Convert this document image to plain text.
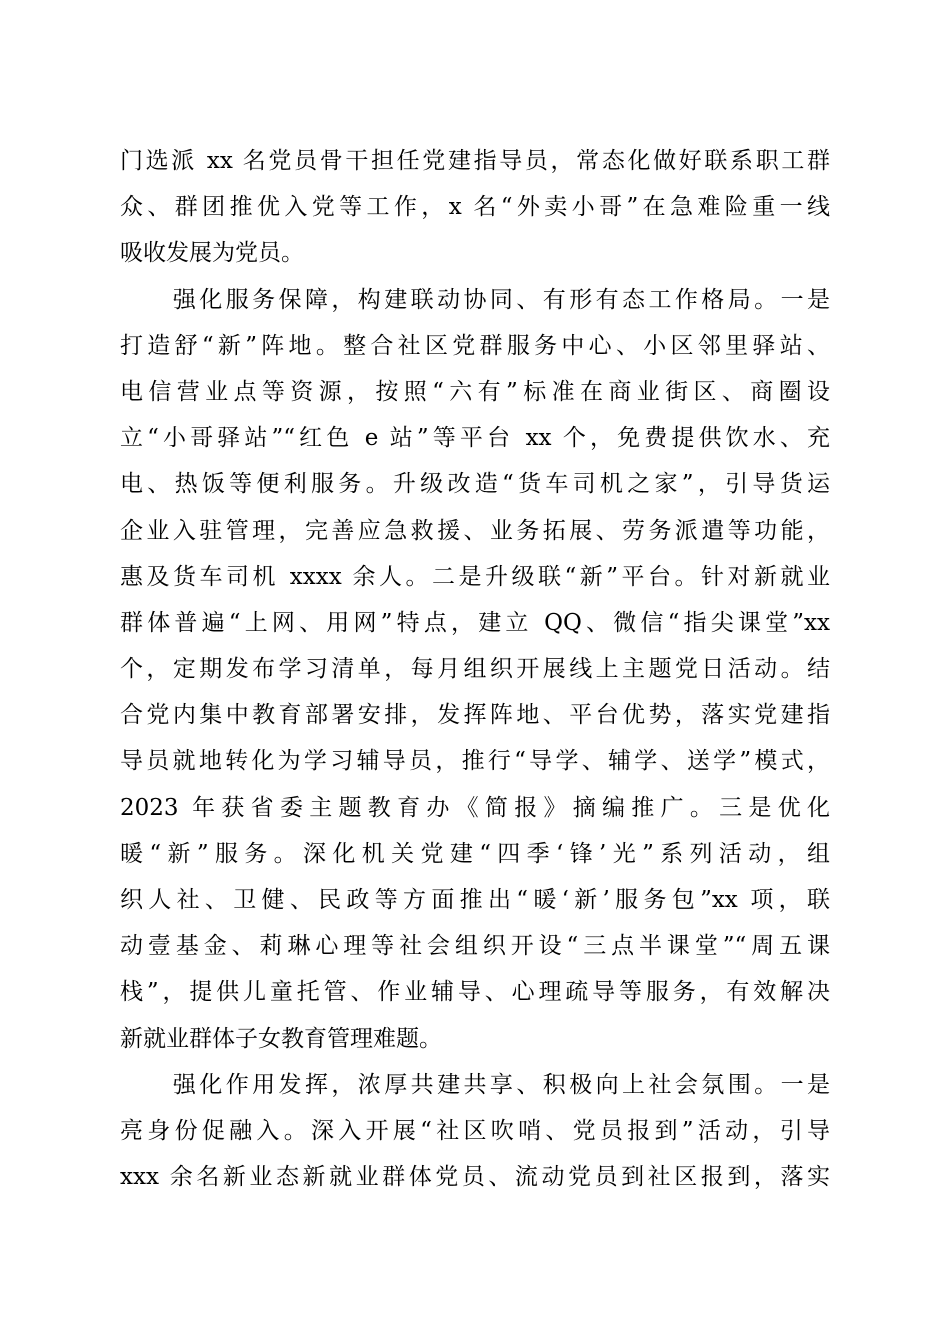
门选派 xx 名党员骨干担任党建指导员，常态化做好联系职工群
众、群团推优入党等工作，x 名“外卖小哥”在急难险重一线
吸收发展为党员。
　　强化服务保障，构建联动协同、有形有态工作格局。一是
打造舒“新”阵地。整合社区党群服务中心、小区邻里驿站、
电信营业点等资源，按照“六有”标准在商业街区、商圈设
立“小哥驿站”“红色 e 站”等平台 xx 个，免费提供饮水、充
电、热饭等便利服务。升级改造“货车司机之家”，引导货运
企业入驻管理，完善应急救援、业务拓展、劳务派遣等功能，
惠及货车司机 xxxx 余人。二是升级联“新”平台。针对新就业
群体普遍“上网、用网”特点，建立 QQ、微信“指尖课堂”xx
个，定期发布学习清单，每月组织开展线上主题党日活动。结
合党内集中教育部署安排，发挥阵地、平台优势，落实党建指
导员就地转化为学习辅导员，推行“导学、辅学、送学”模式，
2023 年获省委主题教育办《简报》摘编推广。三是优化
暖“新”服务。深化机关党建“四季‘锋’光”系列活动，组
织人社、卫健、民政等方面推出“暖‘新’服务包”xx 项，联
动壹基金、莉琳心理等社会组织开设“三点半课堂”“周五课
栈”，提供儿童托管、作业辅导、心理疏导等服务，有效解决
新就业群体子女教育管理难题。
　　强化作用发挥，浓厚共建共享、积极向上社会氛围。一是
亮身份促融入。深入开展“社区吹哨、党员报到”活动，引导
xxx 余名新业态新就业群体党员、流动党员到社区报到，落实
